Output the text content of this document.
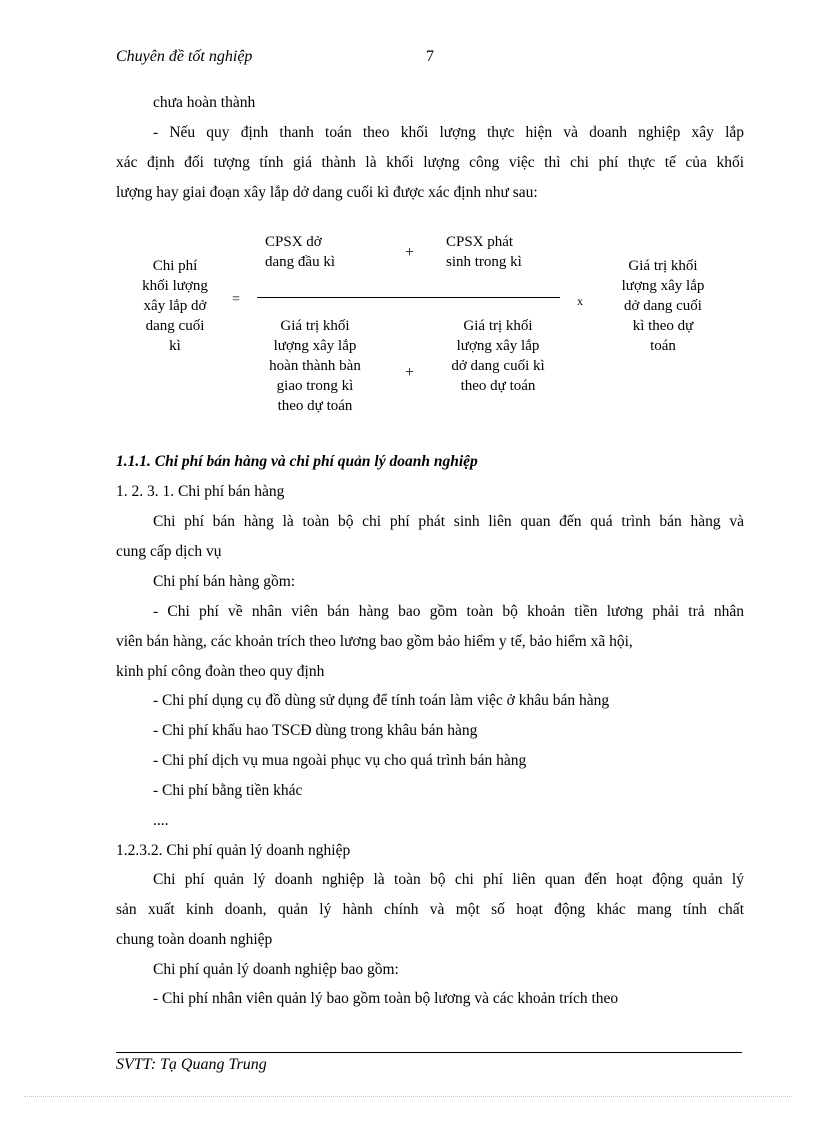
Chuyên đề tốt nghiệp	7
chưa hoàn thành
- Nếu quy định thanh toán theo khối lượng thực hiện và doanh nghiệp xây lắp
xác định đối tượng tính giá thành là khối lượng công việc thì chi phí thực tế của khối
lượng hay giai đoạn xây lắp dở dang cuối kì được xác định như sau:
Chi phí
khối lượng
xây lắp dở
dang cuối
kì
=
CPSX dở
dang đầu kì
+
CPSX phát
sinh trong kì
Giá trị khối
lượng xây lắp
hoàn thành bàn
giao trong kì
theo dự toán
+
Giá trị khối
lượng xây lắp
dở dang cuối kì
theo dự toán
x
Giá trị khối
lượng xây lắp
dở dang cuối
kì theo dự
toán
1.1.1. Chi phí bán hàng và chi phí quản lý doanh nghiệp
1. 2. 3. 1. Chi phí bán hàng
Chi phí bán hàng là toàn bộ chi phí phát sinh liên quan đến quá trình bán hàng và
cung cấp dịch vụ
Chi phí bán hàng gồm:
- Chi phí về nhân viên bán hàng bao gồm toàn bộ khoản tiền lương phải trả nhân
viên bán hàng, các khoản trích theo lương bao gồm bảo hiểm y tế, bảo hiểm xã hội,
kinh phí công đoàn theo quy định
- Chi phí dụng cụ đồ dùng sử dụng để tính toán làm việc ở khâu bán hàng
- Chi phí khấu hao TSCĐ dùng trong khâu bán hàng
- Chi phí dịch vụ mua ngoài phục vụ cho quá trình bán hàng
- Chi phí bằng tiền khác
....
1.2.3.2. Chi phí quản lý doanh nghiệp
Chi phí quản lý doanh nghiệp là toàn bộ chi phí liên quan đến hoạt động quản lý
sản xuất kinh doanh, quản lý hành chính và một số hoạt động khác mang tính chất
chung toàn doanh nghiệp
Chi phí quản lý doanh nghiệp bao gồm:
- Chi phí nhân viên quản lý bao gồm toàn bộ lương và các khoản trích theo
SVTT: Tạ Quang Trung
